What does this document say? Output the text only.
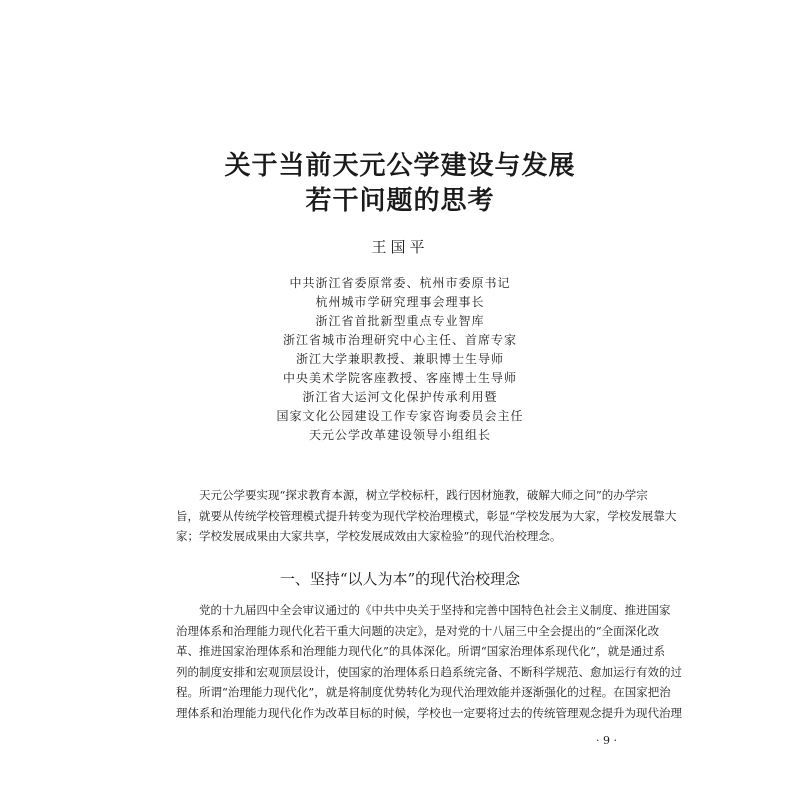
关于当前天元公学建设与发展
若干问题的思考
王国平
中共浙江省委原常委、杭州市委原书记
杭州城市学研究理事会理事长
浙江省首批新型重点专业智库
浙江省城市治理研究中心主任、首席专家
浙江大学兼职教授、兼职博士生导师
中央美术学院客座教授、客座博士生导师
浙江省大运河文化保护传承利用暨
国家文化公园建设工作专家咨询委员会主任
天元公学改革建设领导小组组长
天元公学要实现“探求教育本源，树立学校标杆，践行因材施教，破解大师之问”的办学宗
旨，就要从传统学校管理模式提升转变为现代学校治理模式，彰显“学校发展为大家，学校发展靠大
家；学校发展成果由大家共享，学校发展成效由大家检验”的现代治校理念。
一、坚持“以人为本”的现代治校理念
党的十九届四中全会审议通过的《中共中央关于坚持和完善中国特色社会主义制度、推进国家
治理体系和治理能力现代化若干重大问题的决定》，是对党的十八届三中全会提出的“全面深化改
革、推进国家治理体系和治理能力现代化”的具体深化。所谓“国家治理体系现代化”，就是通过系
列的制度安排和宏观顶层设计，使国家的治理体系日趋系统完备、不断科学规范、愈加运行有效的过
程。所谓“治理能力现代化”，就是将制度优势转化为现代治理效能并逐渐强化的过程。在国家把治
理体系和治理能力现代化作为改革目标的时候，学校也一定要将过去的传统管理观念提升为现代治理
· 9 ·
